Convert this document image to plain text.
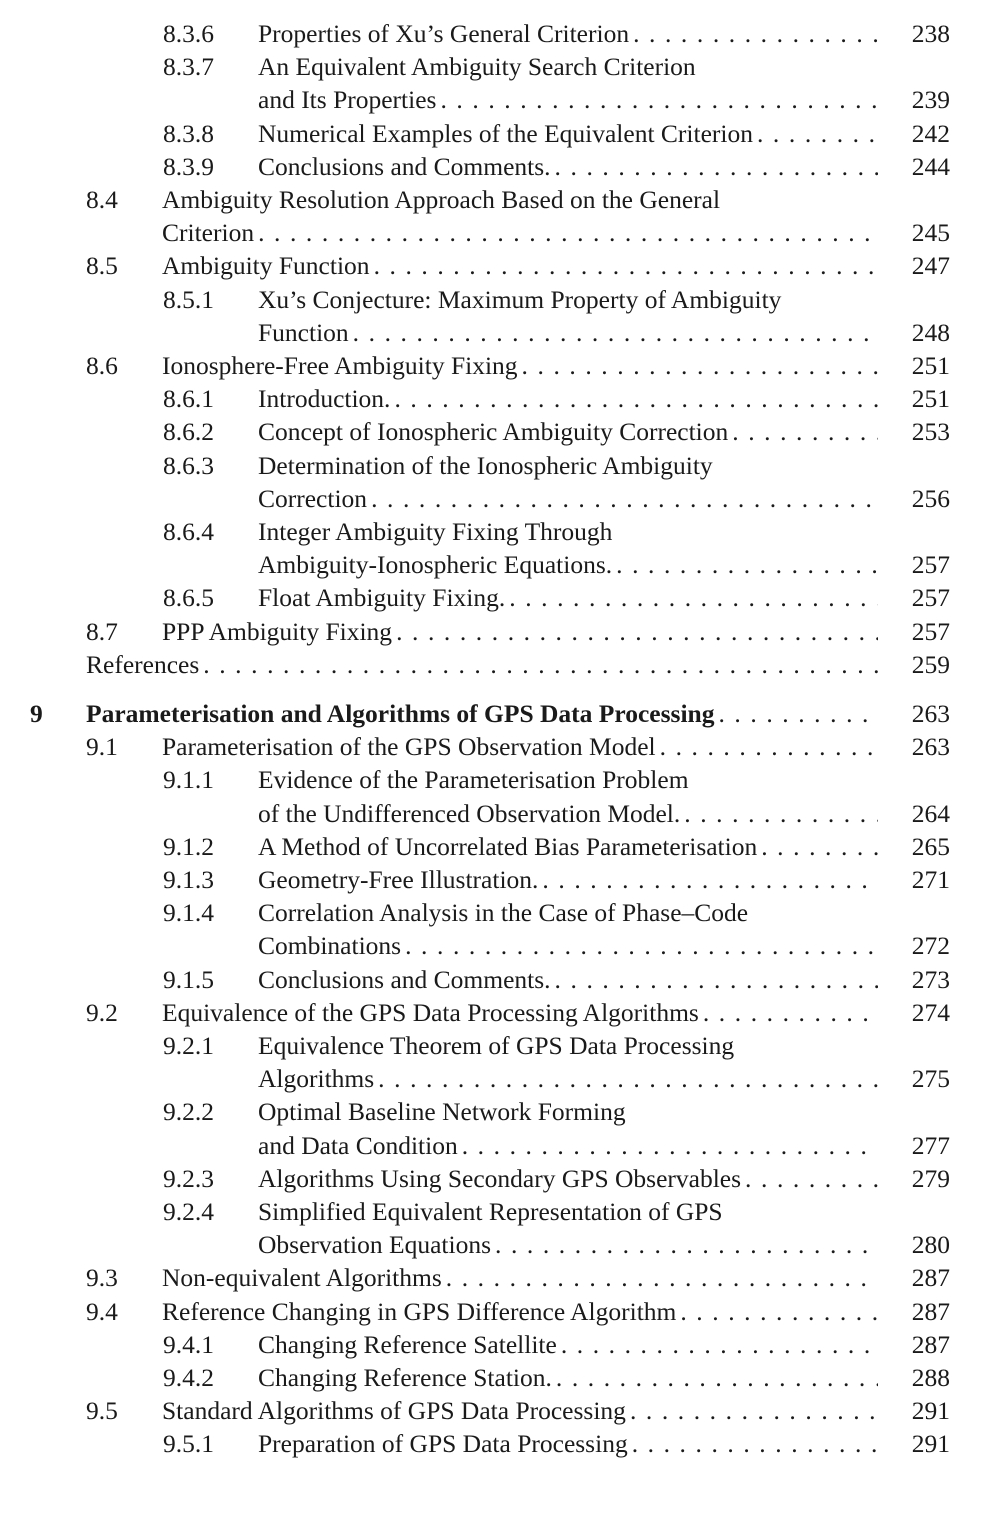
8.3.6 Properties of Xu’s General Criterion . . .	238
8.3.7 An Equivalent Ambiguity Search Criterion
and Its Properties . . .	239
8.3.8 Numerical Examples of the Equivalent Criterion . . .	242
8.3.9 Conclusions and Comments. . . .	244
8.4 Ambiguity Resolution Approach Based on the General
Criterion . . .	245
8.5 Ambiguity Function . . .	247
8.5.1 Xu’s Conjecture: Maximum Property of Ambiguity
Function . . .	248
8.6 Ionosphere-Free Ambiguity Fixing . . .	251
8.6.1 Introduction. . . .	251
8.6.2 Concept of Ionospheric Ambiguity Correction . . .	253
8.6.3 Determination of the Ionospheric Ambiguity
Correction . . .	256
8.6.4 Integer Ambiguity Fixing Through
Ambiguity-Ionospheric Equations. . . .	257
8.6.5 Float Ambiguity Fixing. . . .	257
8.7 PPP Ambiguity Fixing . . .	257
References . . .	259
9 Parameterisation and Algorithms of GPS Data Processing . . .	263
9.1 Parameterisation of the GPS Observation Model . . .	263
9.1.1 Evidence of the Parameterisation Problem
of the Undifferenced Observation Model. . . .	264
9.1.2 A Method of Uncorrelated Bias Parameterisation . . .	265
9.1.3 Geometry-Free Illustration. . . .	271
9.1.4 Correlation Analysis in the Case of Phase–Code
Combinations . . .	272
9.1.5 Conclusions and Comments. . . .	273
9.2 Equivalence of the GPS Data Processing Algorithms . . .	274
9.2.1 Equivalence Theorem of GPS Data Processing
Algorithms . . .	275
9.2.2 Optimal Baseline Network Forming
and Data Condition . . .	277
9.2.3 Algorithms Using Secondary GPS Observables . . .	279
9.2.4 Simplified Equivalent Representation of GPS
Observation Equations . . .	280
9.3 Non-equivalent Algorithms . . .	287
9.4 Reference Changing in GPS Difference Algorithm . . .	287
9.4.1 Changing Reference Satellite . . .	287
9.4.2 Changing Reference Station. . . .	288
9.5 Standard Algorithms of GPS Data Processing . . .	291
9.5.1 Preparation of GPS Data Processing . . .	291
